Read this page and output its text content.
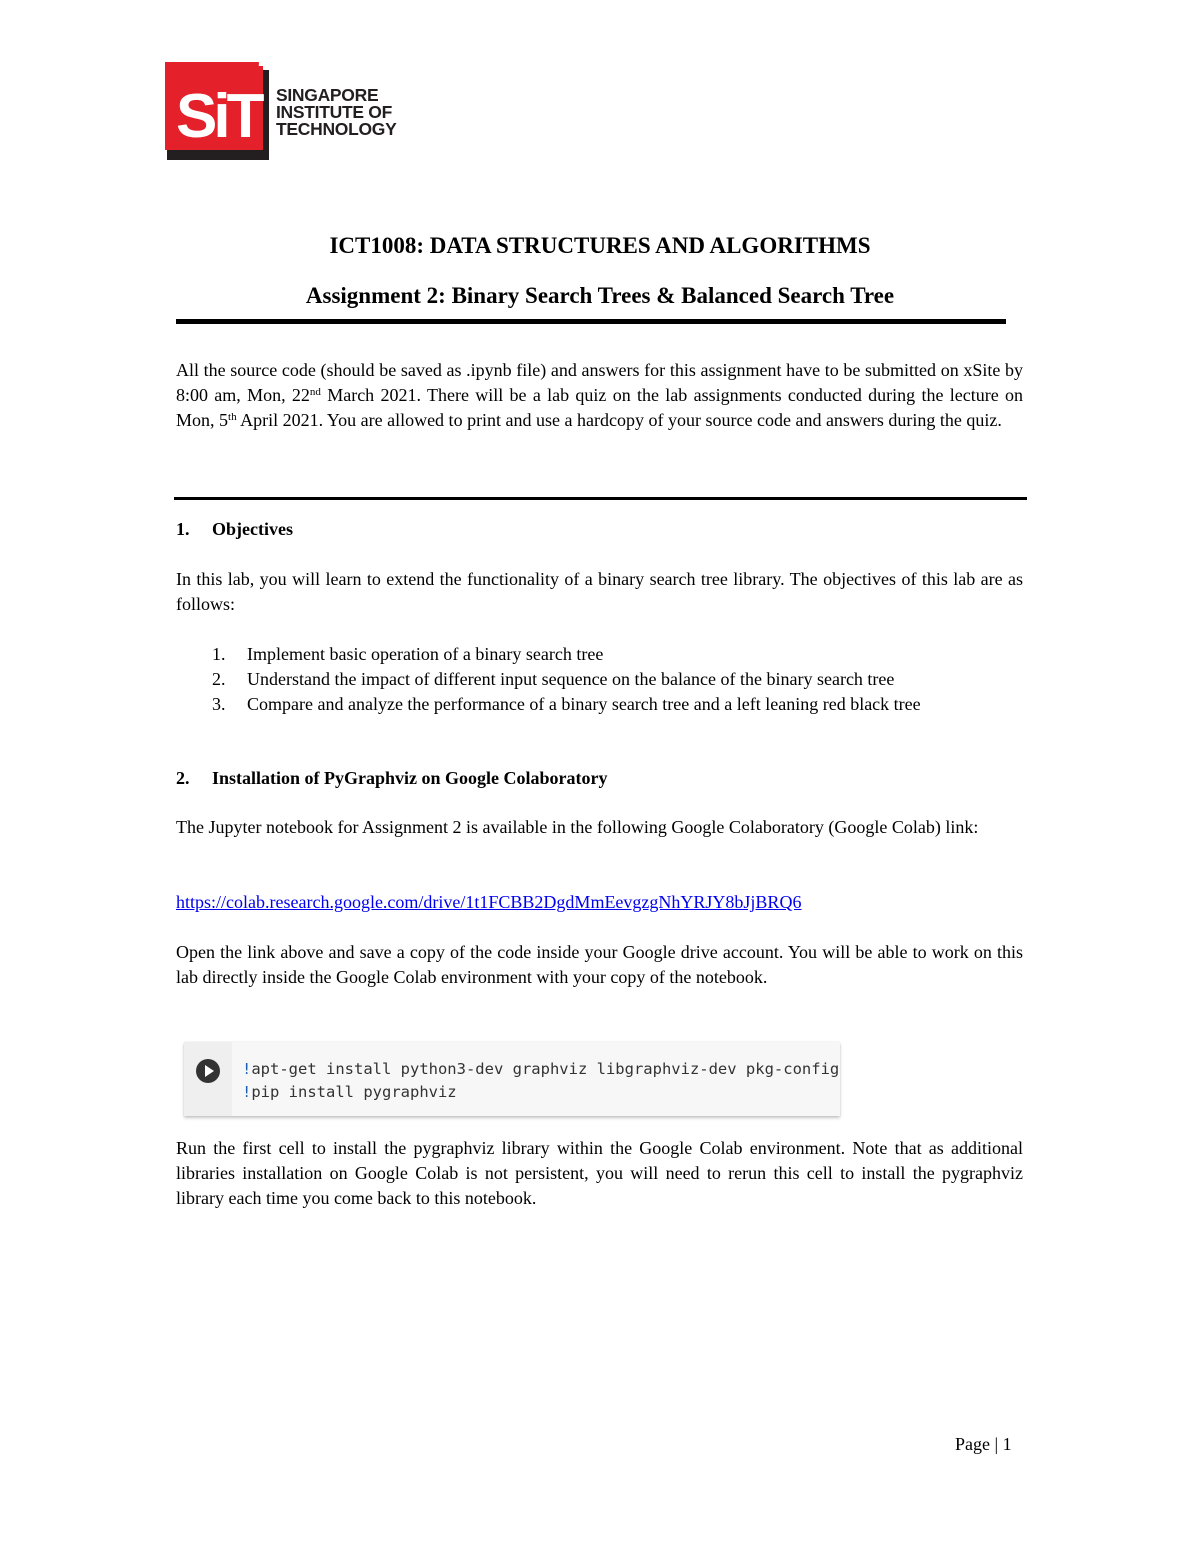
SiT SINGAPORE
INSTITUTE OF
TECHNOLOGY
ICT1008: DATA STRUCTURES AND ALGORITHMS
Assignment 2: Binary Search Trees & Balanced Search Tree
All the source code (should be saved as .ipynb file) and answers for this assignment have to be submitted on xSite by 8:00 am, Mon, 22nd March 2021. There will be a lab quiz on the lab assignments conducted during the lecture on Mon, 5th April 2021. You are allowed to print and use a hardcopy of your source code and answers during the quiz.
1. Objectives
In this lab, you will learn to extend the functionality of a binary search tree library. The objectives of this lab are as follows:
1.	Implement basic operation of a binary search tree
2.	Understand the impact of different input sequence on the balance of the binary search tree
3.	Compare and analyze the performance of a binary search tree and a left leaning red black tree
2. Installation of PyGraphviz on Google Colaboratory
The Jupyter notebook for Assignment 2 is available in the following Google Colaboratory (Google Colab) link:
https://colab.research.google.com/drive/1t1FCBB2DgdMmEevgzgNhYRJY8bJjBRQ6
Open the link above and save a copy of the code inside your Google drive account. You will be able to work on this lab directly inside the Google Colab environment with your copy of the notebook.
!apt-get install python3-dev graphviz libgraphviz-dev pkg-config
!pip install pygraphviz
Run the first cell to install the pygraphviz library within the Google Colab environment. Note that as additional libraries installation on Google Colab is not persistent, you will need to rerun this cell to install the pygraphviz library each time you come back to this notebook.
Page | 1
